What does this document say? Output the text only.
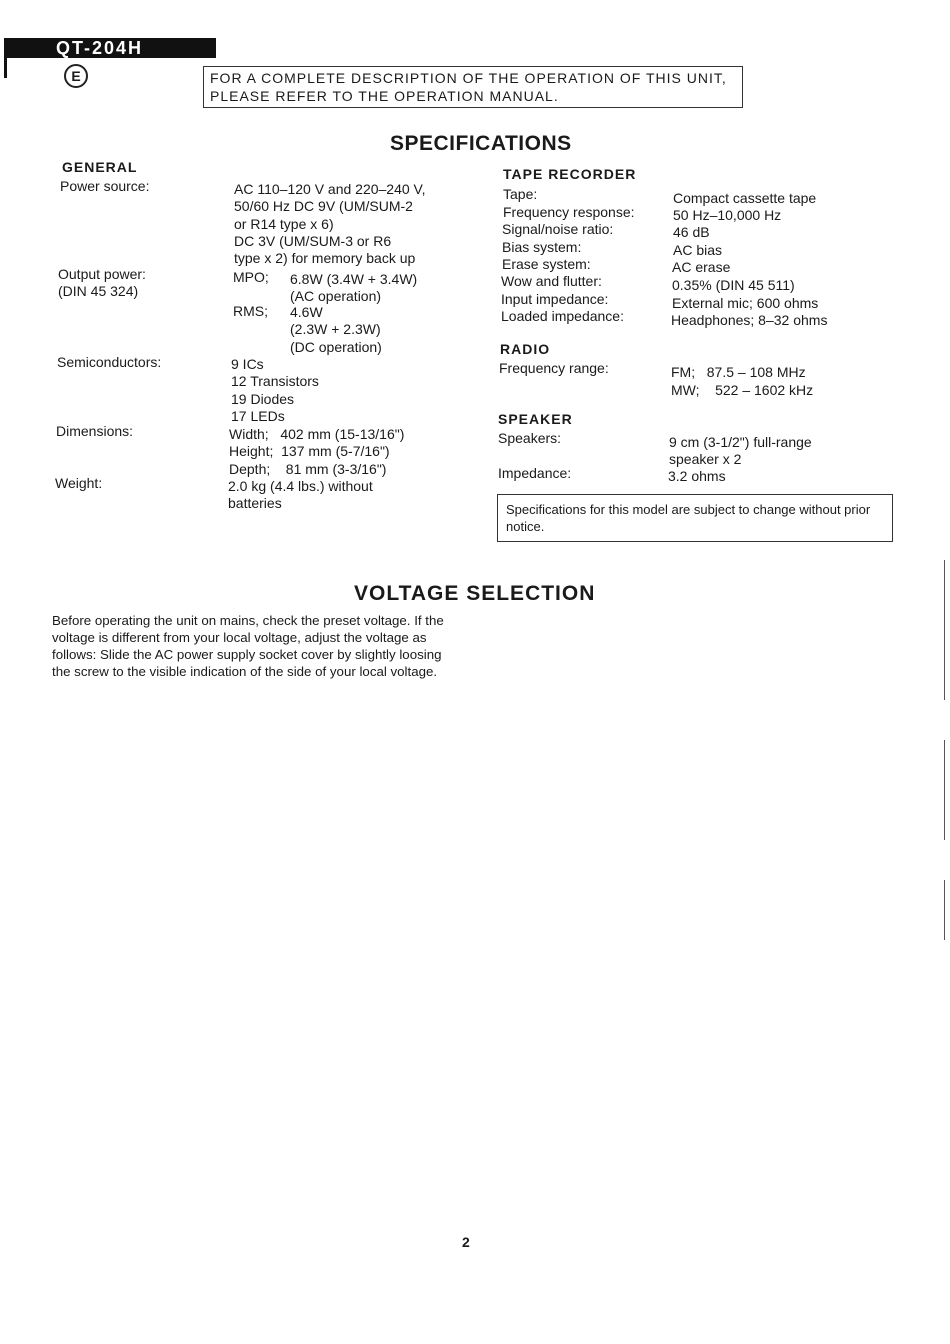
QT-204H
E	FOR A COMPLETE DESCRIPTION OF THE OPERATION OF THIS UNIT, PLEASE REFER TO THE OPERATION MANUAL.
SPECIFICATIONS
GENERAL
Power source:	AC 110–120 V and 220–240 V,
50/60 Hz DC 9V (UM/SUM-2
or R14 type x 6)
DC 3V (UM/SUM-3 or R6
type x 2) for memory back up
Output power:
(DIN 45 324)
MPO; 6.8W (3.4W + 3.4W)
(AC operation)
RMS; 4.6W
(2.3W + 2.3W)
(DC operation)
Semiconductors:	9 ICs
12 Transistors
19 Diodes
17 LEDs
Dimensions:	Width;   402 mm (15-13/16")
Height;  137 mm (5-7/16")
Depth;    81 mm (3-3/16")
Weight:	2.0 kg (4.4 lbs.) without
batteries
TAPE RECORDER
Tape:	Compact cassette tape
Frequency response:	50 Hz–10,000 Hz
Signal/noise ratio:	46 dB
Bias system:	AC bias
Erase system:	AC erase
Wow and flutter:	0.35% (DIN 45 511)
Input impedance:	External mic; 600 ohms
Loaded impedance:	Headphones; 8–32 ohms
RADIO
Frequency range:	FM;   87.5 – 108 MHz
MW;    522 – 1602 kHz
SPEAKER
Speakers:	9 cm (3-1/2") full-range
speaker x 2
Impedance:	3.2 ohms
Specifications for this model are subject to change without prior notice.
VOLTAGE SELECTION
Before operating the unit on mains, check the preset voltage. If the voltage is different from your local voltage, adjust the voltage as follows: Slide the AC power supply socket cover by slightly loosing the screw to the visible indication of the side of your local voltage.
2
